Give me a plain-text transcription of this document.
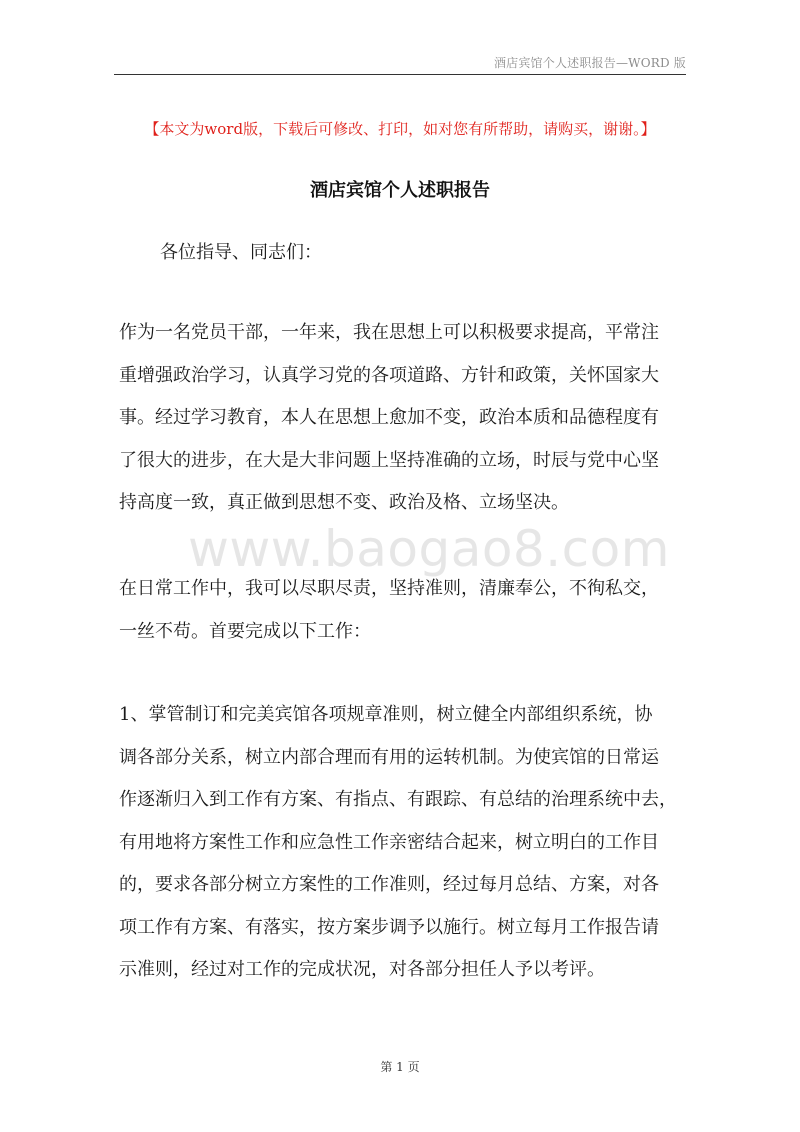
酒店宾馆个人述职报告—WORD 版
【本文为word版，下载后可修改、打印，如对您有所帮助，请购买，谢谢。】
酒店宾馆个人述职报告
各位指导、同志们：
作为一名党员干部，一年来，我在思想上可以积极要求提高，平常注
重增强政治学习，认真学习党的各项道路、方针和政策，关怀国家大
事。经过学习教育，本人在思想上愈加不变，政治本质和品德程度有
了很大的进步，在大是大非问题上坚持准确的立场，时辰与党中心坚
持高度一致，真正做到思想不变、政治及格、立场坚决。
www.baogao8.com
在日常工作中，我可以尽职尽责，坚持准则，清廉奉公，不徇私交，
一丝不苟。首要完成以下工作：
1、掌管制订和完美宾馆各项规章准则，树立健全内部组织系统，协
调各部分关系，树立内部合理而有用的运转机制。为使宾馆的日常运
作逐渐归入到工作有方案、有指点、有跟踪、有总结的治理系统中去，
有用地将方案性工作和应急性工作亲密结合起来，树立明白的工作目
的，要求各部分树立方案性的工作准则，经过每月总结、方案，对各
项工作有方案、有落实，按方案步调予以施行。树立每月工作报告请
示准则，经过对工作的完成状况，对各部分担任人予以考评。
第 1 页
